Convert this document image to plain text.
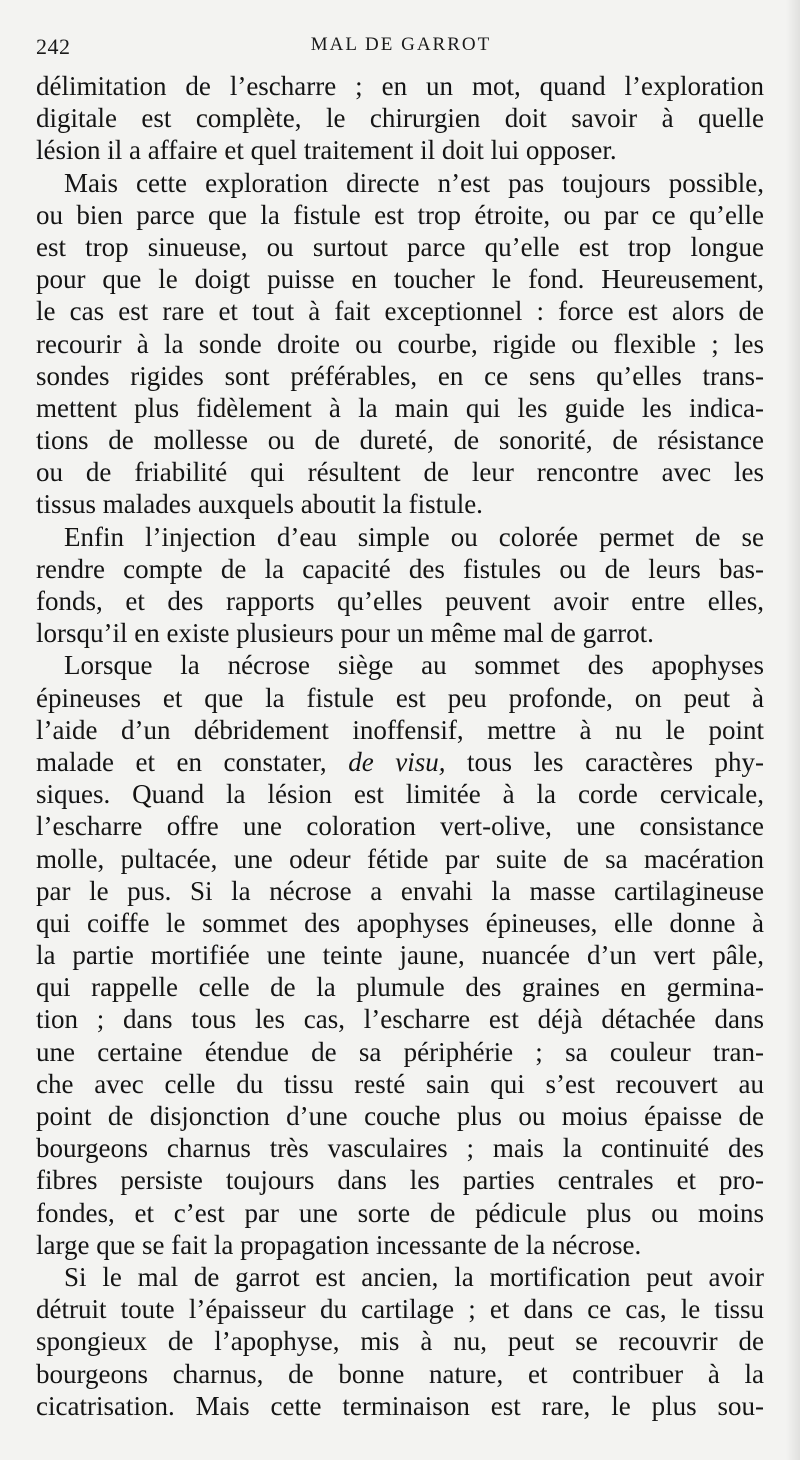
242	MAL DE GARROT
délimitation de l’escharre ; en un mot, quand l’exploration
digitale est complète, le chirurgien doit savoir à quelle
lésion il a affaire et quel traitement il doit lui opposer.
Mais cette exploration directe n’est pas toujours possible,
ou bien parce que la fistule est trop étroite, ou par ce qu’elle
est trop sinueuse, ou surtout parce qu’elle est trop longue
pour que le doigt puisse en toucher le fond. Heureusement,
le cas est rare et tout à fait exceptionnel : force est alors de
recourir à la sonde droite ou courbe, rigide ou flexible ; les
sondes rigides sont préférables, en ce sens qu’elles trans-
mettent plus fidèlement à la main qui les guide les indica-
tions de mollesse ou de dureté, de sonorité, de résistance
ou de friabilité qui résultent de leur rencontre avec les
tissus malades auxquels aboutit la fistule.
Enfin l’injection d’eau simple ou colorée permet de se
rendre compte de la capacité des fistules ou de leurs bas-
fonds, et des rapports qu’elles peuvent avoir entre elles,
lorsqu’il en existe plusieurs pour un même mal de garrot.
Lorsque la nécrose siège au sommet des apophyses
épineuses et que la fistule est peu profonde, on peut à
l’aide d’un débridement inoffensif, mettre à nu le point
malade et en constater, de visu, tous les caractères phy-
siques. Quand la lésion est limitée à la corde cervicale,
l’escharre offre une coloration vert-olive, une consistance
molle, pultacée, une odeur fétide par suite de sa macération
par le pus. Si la nécrose a envahi la masse cartilagineuse
qui coiffe le sommet des apophyses épineuses, elle donne à
la partie mortifiée une teinte jaune, nuancée d’un vert pâle,
qui rappelle celle de la plumule des graines en germina-
tion ; dans tous les cas, l’escharre est déjà détachée dans
une certaine étendue de sa périphérie ; sa couleur tran-
che avec celle du tissu resté sain qui s’est recouvert au
point de disjonction d’une couche plus ou moius épaisse de
bourgeons charnus très vasculaires ; mais la continuité des
fibres persiste toujours dans les parties centrales et pro-
fondes, et c’est par une sorte de pédicule plus ou moins
large que se fait la propagation incessante de la nécrose.
Si le mal de garrot est ancien, la mortification peut avoir
détruit toute l’épaisseur du cartilage ; et dans ce cas, le tissu
spongieux de l’apophyse, mis à nu, peut se recouvrir de
bourgeons charnus, de bonne nature, et contribuer à la
cicatrisation. Mais cette terminaison est rare, le plus sou-
